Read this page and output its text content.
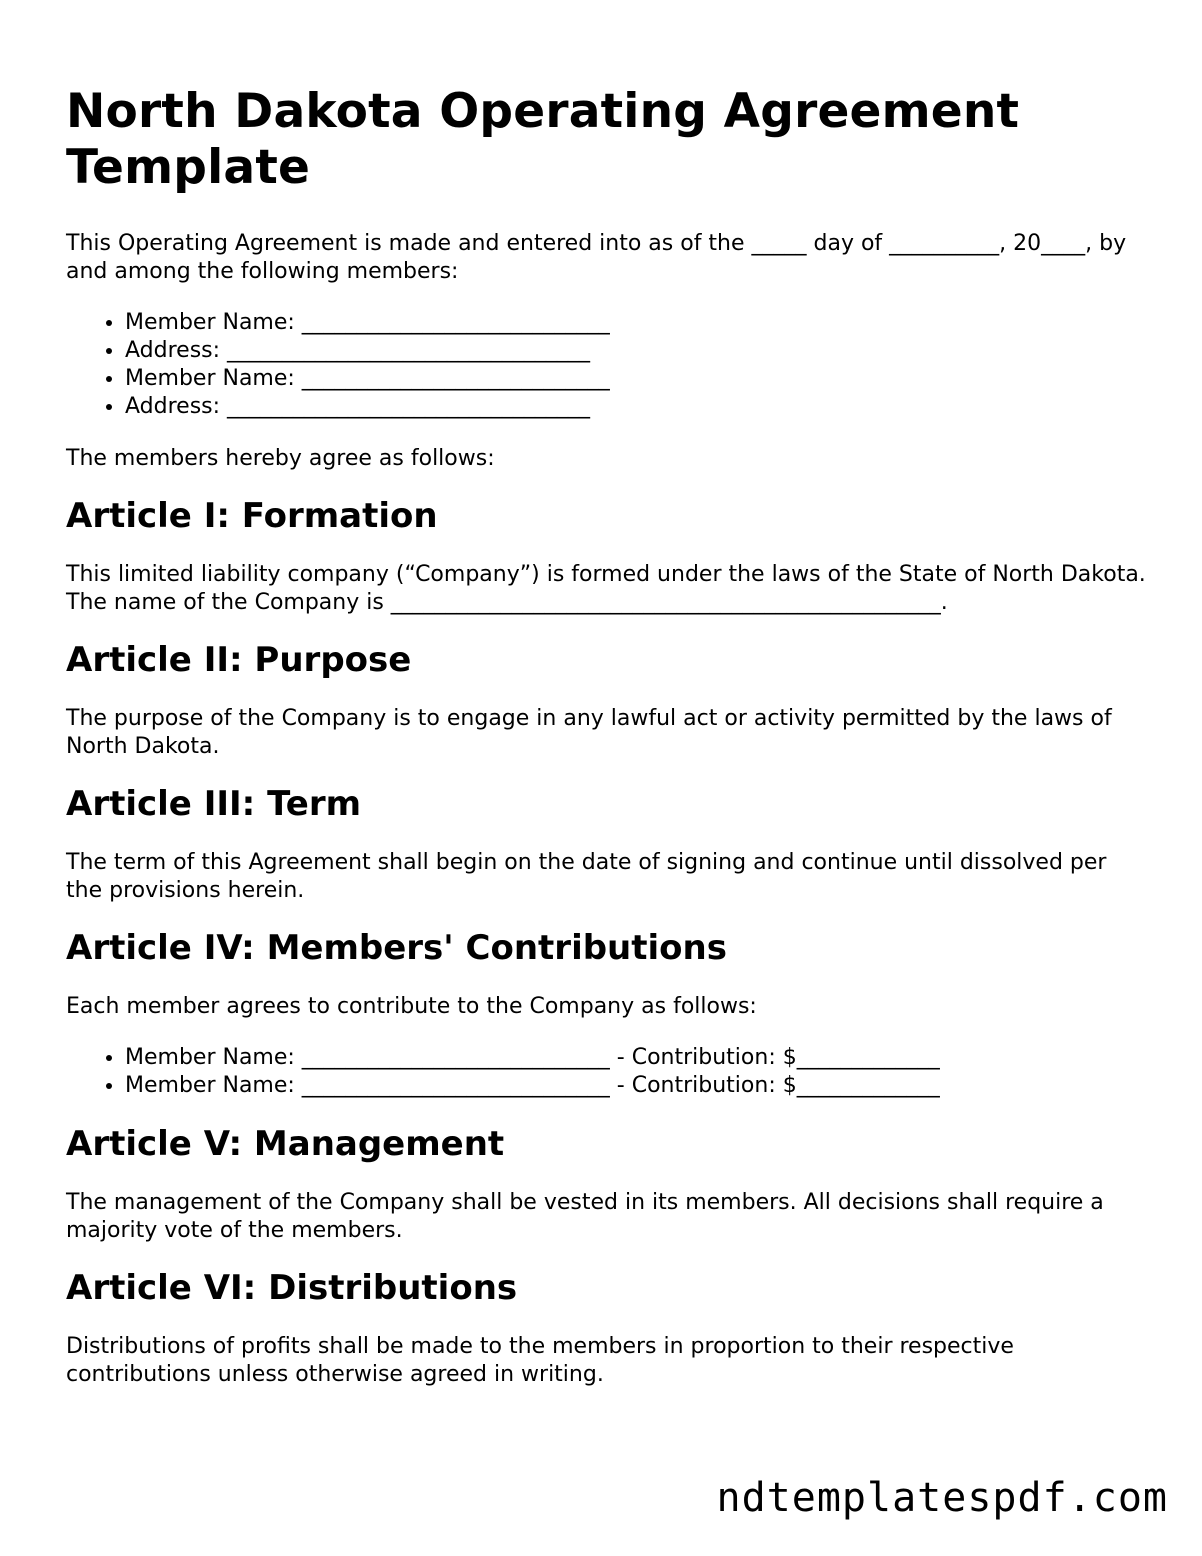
North Dakota Operating Agreement Template

This Operating Agreement is made and entered into as of the _____ day of __________, 20____, by and among the following members:

• Member Name: ____________________________
• Address: _________________________________
• Member Name: ____________________________
• Address: _________________________________

The members hereby agree as follows:

Article I: Formation

This limited liability company (“Company”) is formed under the laws of the State of North Dakota. The name of the Company is __________________________________________________.

Article II: Purpose

The purpose of the Company is to engage in any lawful act or activity permitted by the laws of North Dakota.

Article III: Term

The term of this Agreement shall begin on the date of signing and continue until dissolved per the provisions herein.

Article IV: Members' Contributions

Each member agrees to contribute to the Company as follows:

• Member Name: ____________________________ - Contribution: $_____________
• Member Name: ____________________________ - Contribution: $_____________
Article V: Management

The management of the Company shall be vested in its members. All decisions shall require a majority vote of the members.

Article VI: Distributions

Distributions of profits shall be made to the members in proportion to their respective contributions unless otherwise agreed in writing.

ndtemplatespdf.com
